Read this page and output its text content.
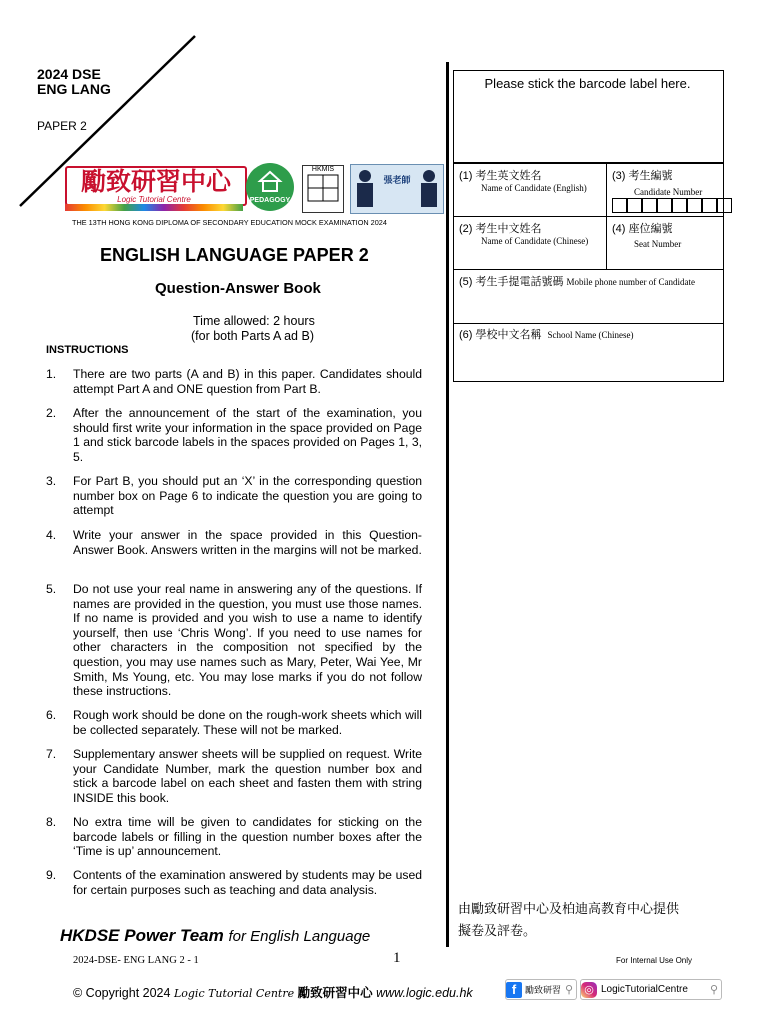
2024 DSE
ENG LANG
PAPER 2
勵致研習中心
Logic Tutorial Centre	PEDAGOGY
HKMIS
張老師
THE 13TH HONG KONG DIPLOMA OF SECONDARY EDUCATION MOCK EXAMINATION 2024
ENGLISH LANGUAGE PAPER 2
Question-Answer Book
Time allowed: 2 hours
(for both Parts A ad B)
INSTRUCTIONS
1. There are two parts (A and B) in this paper. Candidates should attempt Part A and ONE question from Part B.
2. After the announcement of the start of the examination, you should first write your information in the space provided on Page 1 and stick barcode labels in the spaces provided on Pages 1, 3, 5.
3. For Part B, you should put an ‘X’ in the corresponding question number box on Page 6 to indicate the question you are going to attempt
4. Write your answer in the space provided in this Question-Answer Book. Answers written in the margins will not be marked.
5. Do not use your real name in answering any of the questions. If names are provided in the question, you must use those names. If no name is provided and you wish to use a name to identify yourself, then use ‘Chris Wong’. If you need to use names for other characters in the composition not specified by the question, you may use names such as Mary, Peter, Wai Yee, Mr Smith, Ms Young, etc. You may lose marks if you do not follow these instructions.
6. Rough work should be done on the rough-work sheets which will be collected separately. These will not be marked.
7. Supplementary answer sheets will be supplied on request. Write your Candidate Number, mark the question number box and stick a barcode label on each sheet and fasten them with string INSIDE this book.
8. No extra time will be given to candidates for sticking on the barcode labels or filling in the question number boxes after the ‘Time is up’ announcement.
9. Contents of the examination answered by students may be used for certain purposes such as teaching and data analysis.
Please stick the barcode label here.
(1) 考生英文姓名
Name of Candidate (English)
(3) 考生編號
Candidate Number
(2) 考生中文姓名
Name of Candidate (Chinese)
(4) 座位編號
Seat Number
(5) 考生手提電話號碼 Mobile phone number of Candidate
(6) 學校中文名稱 School Name (Chinese)
由勵致研習中心及柏迪高教育中心提供
擬卷及評卷。
HKDSE Power Team for English Language
2024-DSE- ENG LANG 2 - 1	1	For Internal Use Only
© Copyright 2024 Logic Tutorial Centre 勵致研習中心 www.logic.edu.hk	f 勵致研習 ⚲ ◎ LogicTutorialCentre ⚲
